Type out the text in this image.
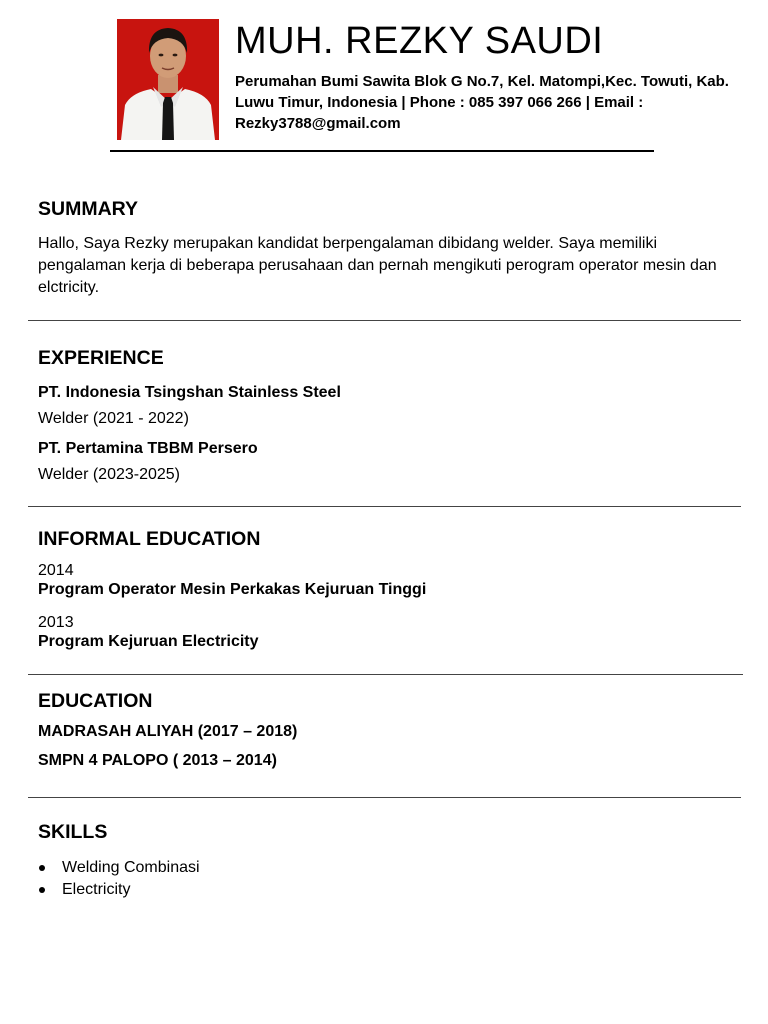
MUH. REZKY SAUDI
Perumahan Bumi Sawita Blok G No.7, Kel. Matompi,Kec. Towuti, Kab. Luwu Timur, Indonesia | Phone : 085 397 066 266 | Email : Rezky3788@gmail.com
SUMMARY
Hallo, Saya Rezky merupakan kandidat berpengalaman dibidang welder. Saya memiliki pengalaman kerja di beberapa perusahaan dan pernah mengikuti perogram operator mesin dan elctricity.
EXPERIENCE
PT. Indonesia Tsingshan Stainless Steel
Welder (2021 - 2022)
PT. Pertamina TBBM Persero
Welder (2023-2025)
INFORMAL EDUCATION
2014
Program Operator Mesin Perkakas Kejuruan Tinggi
2013
Program Kejuruan Electricity
EDUCATION
MADRASAH ALIYAH (2017 – 2018)
SMPN 4 PALOPO ( 2013 – 2014)
SKILLS
Welding Combinasi
Electricity
